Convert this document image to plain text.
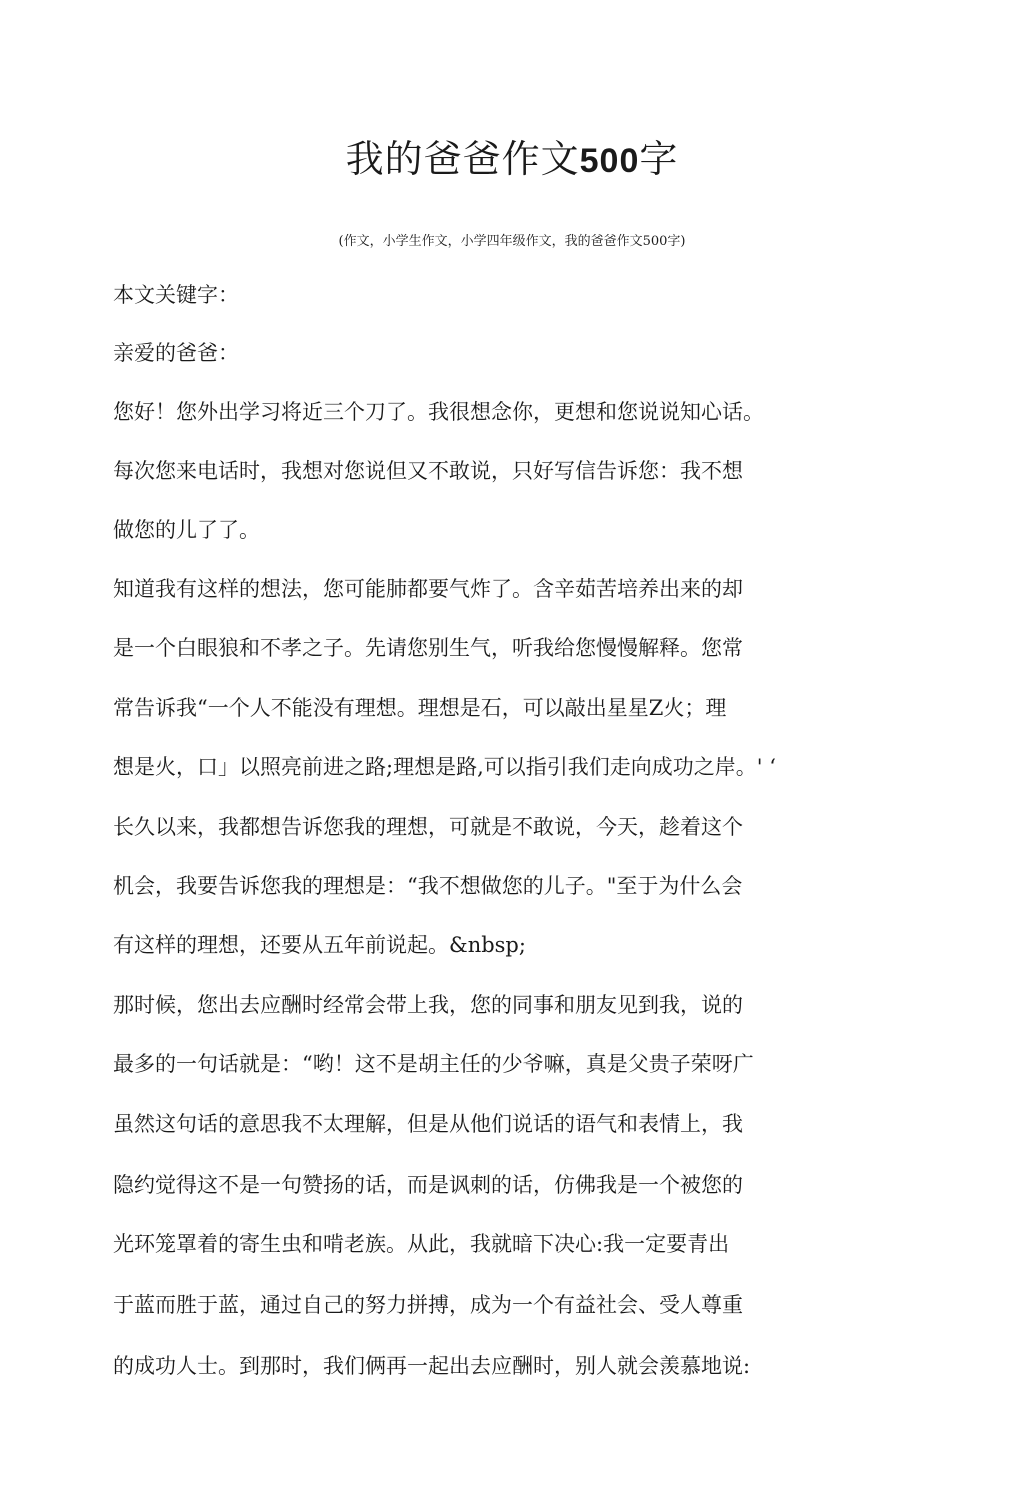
我的爸爸作文500字
(作文，小学生作文，小学四年级作文，我的爸爸作文500字)
本文关键字：
亲爱的爸爸：
您好！您外出学习将近三个刀了。我很想念你，更想和您说说知心话。
每次您来电话时，我想对您说但又不敢说，只好写信告诉您：我不想
做您的儿了了。
知道我有这样的想法，您可能肺都要气炸了。含辛茹苦培养出来的却
是一个白眼狼和不孝之子。先请您别生气，听我给您慢慢解释。您常
常告诉我“一个人不能没有理想。理想是石，可以敲出星星Z火；理
想是火，口」以照亮前进之路;理想是路,可以指引我们走向成功之岸。' ‘
长久以来，我都想告诉您我的理想，可就是不敢说，今天，趁着这个
机会，我要告诉您我的理想是：“我不想做您的儿子。"至于为什么会
有这样的理想，还要从五年前说起。&nbsp;
那时候，您出去应酬时经常会带上我，您的同事和朋友见到我，说的
最多的一句话就是：“哟！这不是胡主任的少爷嘛，真是父贵子荣呀广
虽然这句话的意思我不太理解，但是从他们说话的语气和表情上，我
隐约觉得这不是一句赞扬的话，而是讽刺的话，仿佛我是一个被您的
光环笼罩着的寄生虫和啃老族。从此，我就暗下决心:我一定要青出
于蓝而胜于蓝，通过自己的努力拼搏，成为一个有益社会、受人尊重
的成功人士。到那时，我们俩再一起出去应酬时，别人就会羡慕地说:
